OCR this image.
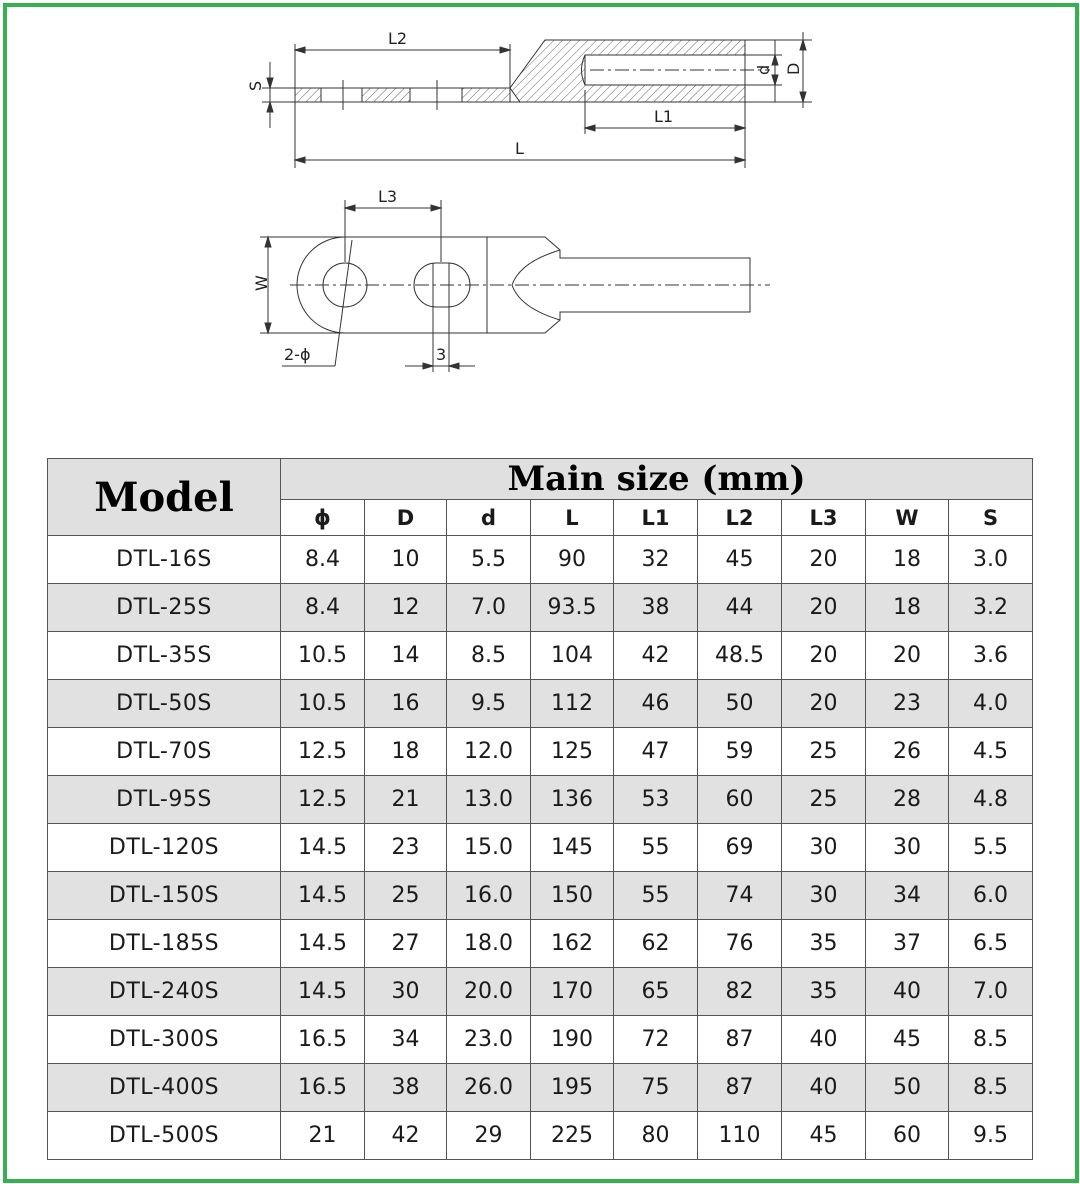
L2
L1
L
S
d D
L3
W
2-ϕ	3
Model	Main size (mm)								
	ϕ	D	d	L	L1	L2	L3	W	S
DTL-16S	8.4	10	5.5	90	32	45	20	18	3.0
DTL-25S	8.4	12	7.0	93.5	38	44	20	18	3.2
DTL-35S	10.5	14	8.5	104	42	48.5	20	20	3.6
DTL-50S	10.5	16	9.5	112	46	50	20	23	4.0
DTL-70S	12.5	18	12.0	125	47	59	25	26	4.5
DTL-95S	12.5	21	13.0	136	53	60	25	28	4.8
DTL-120S	14.5	23	15.0	145	55	69	30	30	5.5
DTL-150S	14.5	25	16.0	150	55	74	30	34	6.0
DTL-185S	14.5	27	18.0	162	62	76	35	37	6.5
DTL-240S	14.5	30	20.0	170	65	82	35	40	7.0
DTL-300S	16.5	34	23.0	190	72	87	40	45	8.5
DTL-400S	16.5	38	26.0	195	75	87	40	50	8.5
DTL-500S	21	42	29	225	80	110	45	60	9.5
